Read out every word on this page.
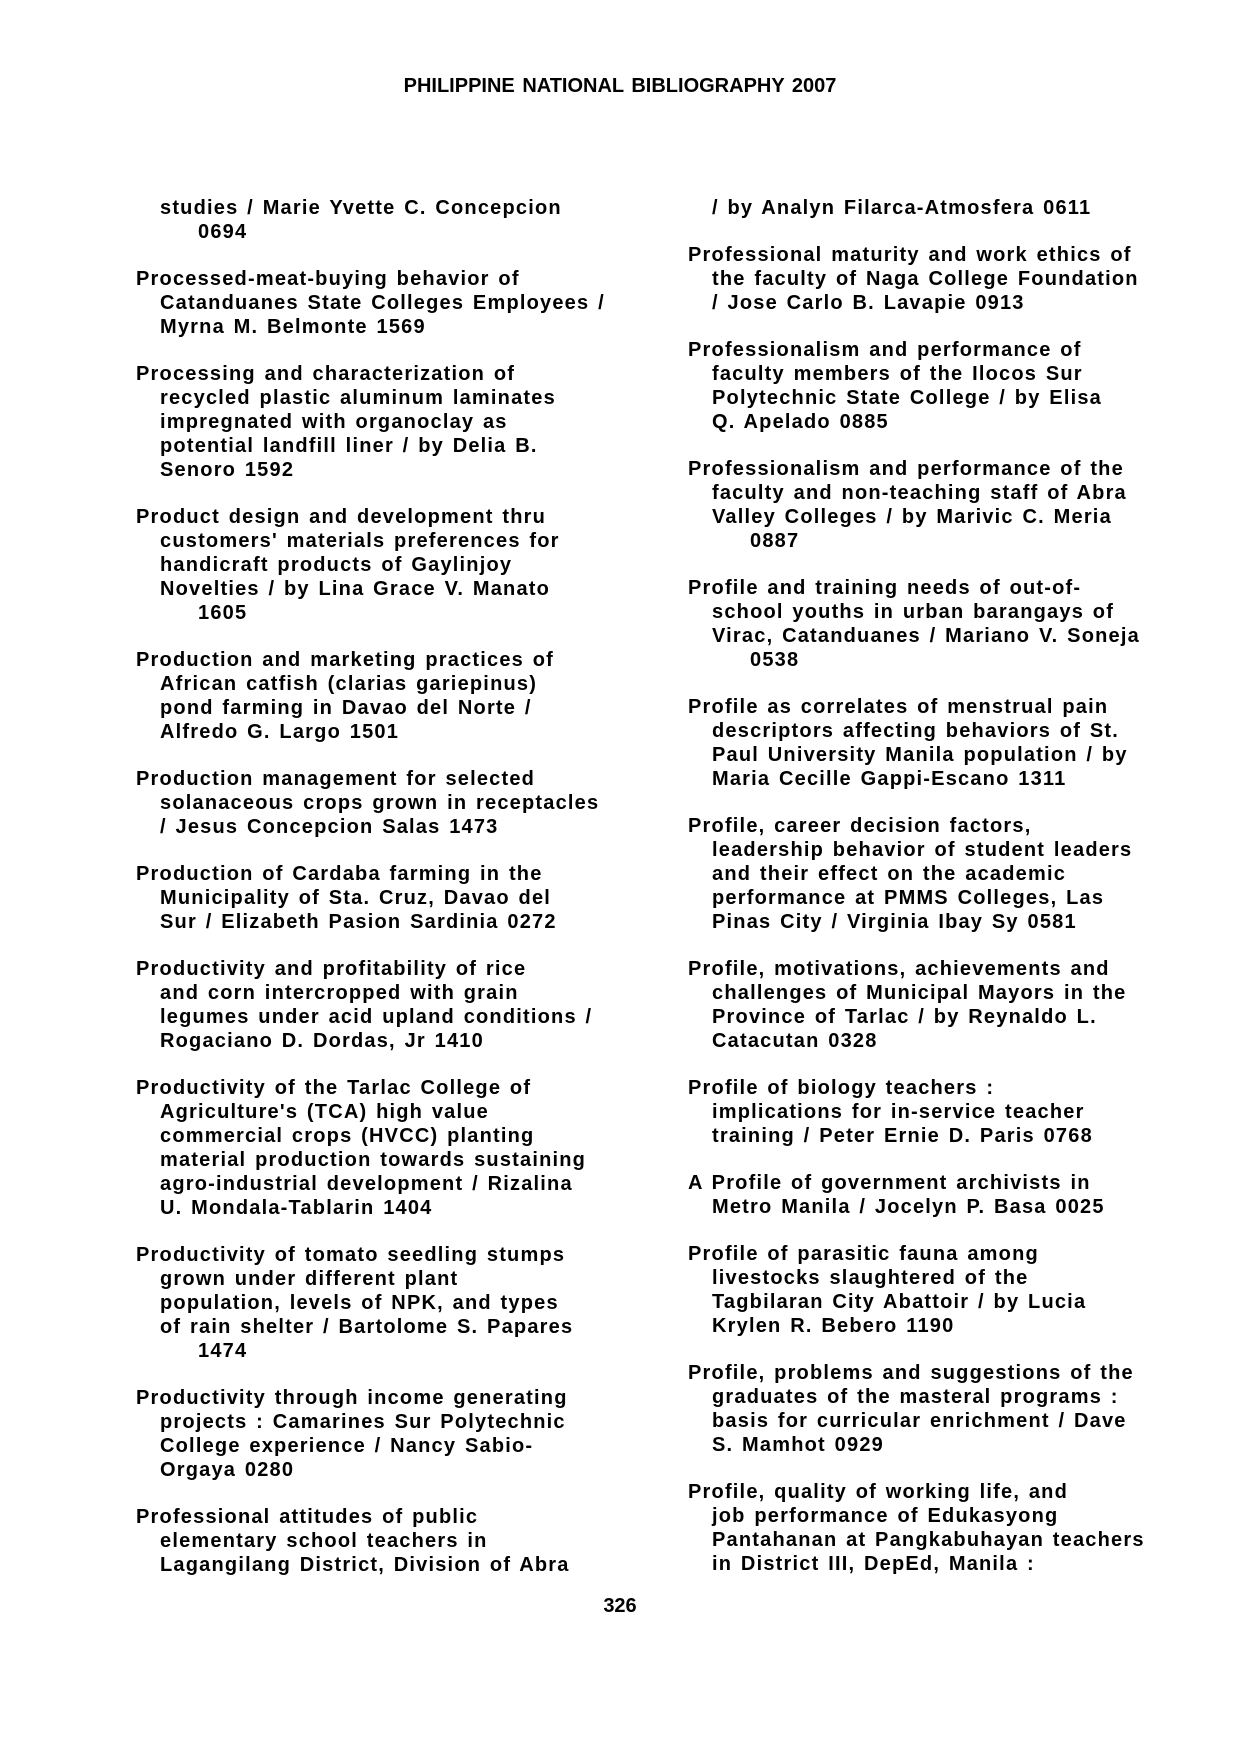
PHILIPPINE NATIONAL BIBLIOGRAPHY 2007
studies / Marie Yvette C. Concepcion
0694
Processed-meat-buying behavior of
Catanduanes State Colleges Employees /
Myrna M. Belmonte 1569
Processing and characterization of
recycled plastic aluminum laminates
impregnated with organoclay as
potential landfill liner / by Delia B.
Senoro 1592
Product design and development thru
customers' materials preferences for
handicraft products of Gaylinjoy
Novelties / by Lina Grace V. Manato
1605
Production and marketing practices of
African catfish (clarias gariepinus)
pond farming in Davao del Norte /
Alfredo G. Largo 1501
Production management for selected
solanaceous crops grown in receptacles
/ Jesus Concepcion Salas 1473
Production of Cardaba farming in the
Municipality of Sta. Cruz, Davao del
Sur / Elizabeth Pasion Sardinia 0272
Productivity and profitability of rice
and corn intercropped with grain
legumes under acid upland conditions /
Rogaciano D. Dordas, Jr 1410
Productivity of the Tarlac College of
Agriculture's (TCA) high value
commercial crops (HVCC) planting
material production towards sustaining
agro-industrial development / Rizalina
U. Mondala-Tablarin 1404
Productivity of tomato seedling stumps
grown under different plant
population, levels of NPK, and types
of rain shelter / Bartolome S. Papares
1474
Productivity through income generating
projects : Camarines Sur Polytechnic
College experience / Nancy Sabio-
Orgaya 0280
Professional attitudes of public
elementary school teachers in
Lagangilang District, Division of Abra
/ by Analyn Filarca-Atmosfera 0611
Professional maturity and work ethics of
the faculty of Naga College Foundation
/ Jose Carlo B. Lavapie 0913
Professionalism and performance of
faculty members of the Ilocos Sur
Polytechnic State College / by Elisa
Q. Apelado 0885
Professionalism and performance of the
faculty and non-teaching staff of Abra
Valley Colleges / by Marivic C. Meria
0887
Profile and training needs of out-of-
school youths in urban barangays of
Virac, Catanduanes / Mariano V. Soneja
0538
Profile as correlates of menstrual pain
descriptors affecting behaviors of St.
Paul University Manila population / by
Maria Cecille Gappi-Escano 1311
Profile, career decision factors,
leadership behavior of student leaders
and their effect on the academic
performance at PMMS Colleges, Las
Pinas City / Virginia Ibay Sy 0581
Profile, motivations, achievements and
challenges of Municipal Mayors in the
Province of Tarlac / by Reynaldo L.
Catacutan 0328
Profile of biology teachers :
implications for in-service teacher
training / Peter Ernie D. Paris 0768
A Profile of government archivists in
Metro Manila / Jocelyn P. Basa 0025
Profile of parasitic fauna among
livestocks slaughtered of the
Tagbilaran City Abattoir / by Lucia
Krylen R. Bebero 1190
Profile, problems and suggestions of the
graduates of the masteral programs :
basis for curricular enrichment / Dave
S. Mamhot 0929
Profile, quality of working life, and
job performance of Edukasyong
Pantahanan at Pangkabuhayan teachers
in District III, DepEd, Manila :
326
